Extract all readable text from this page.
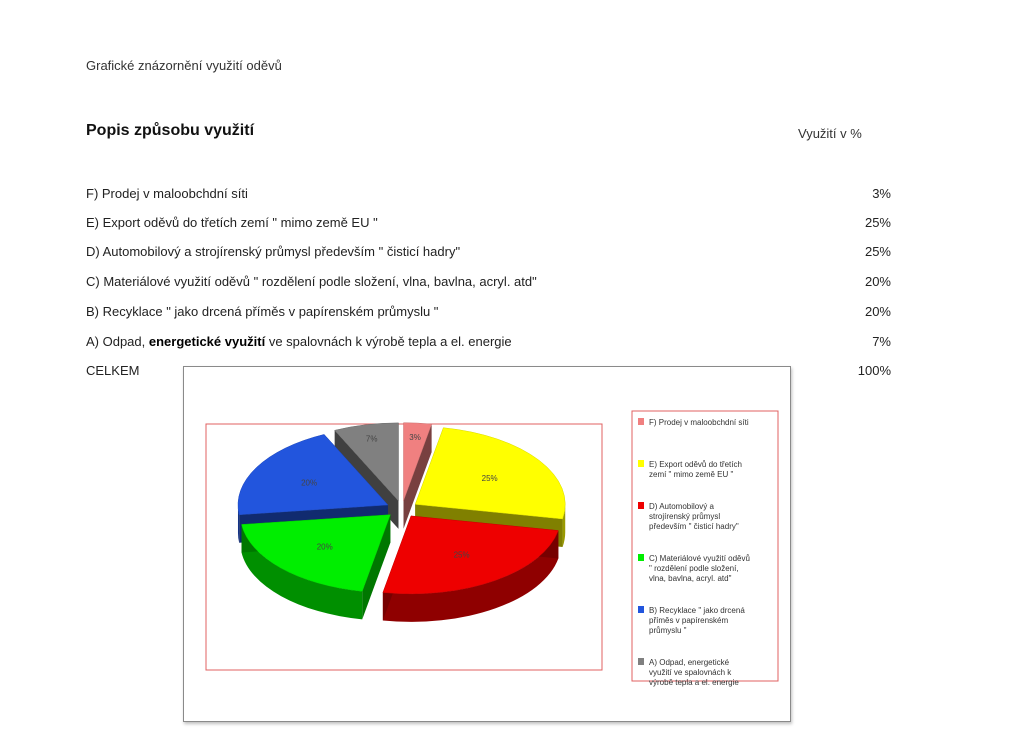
Grafické znázornění využití oděvů
Popis způsobu využití	Využití v %
F) Prodej v maloobchdní síti	3%
E) Export oděvů do třetích zemí " mimo země EU "	25%
D) Automobilový a strojírenský průmysl především " čisticí hadry"	25%
C) Materiálové využití oděvů " rozdělení podle složení, vlna, bavlna, acryl. atd"	20%
B) Recyklace " jako drcená příměs v papírenském průmyslu "	20%
A) Odpad, energetické využití ve spalovnách k výrobě tepla a el. energie	7%
CELKEM	100%
3%
25%
25%
20%
20%
7%
F) Prodej v maloobchdní síti
E) Export oděvů do třetích
zemí " mimo země EU "
D) Automobilový a
strojírenský průmysl
především " čisticí hadry"
C) Materiálové využití oděvů
" rozdělení podle složení,
vlna, bavlna, acryl. atd"
B) Recyklace " jako drcená
příměs v papírenském
průmyslu "
A) Odpad, energetické
využití ve spalovnách k
výrobě tepla a el. energie
